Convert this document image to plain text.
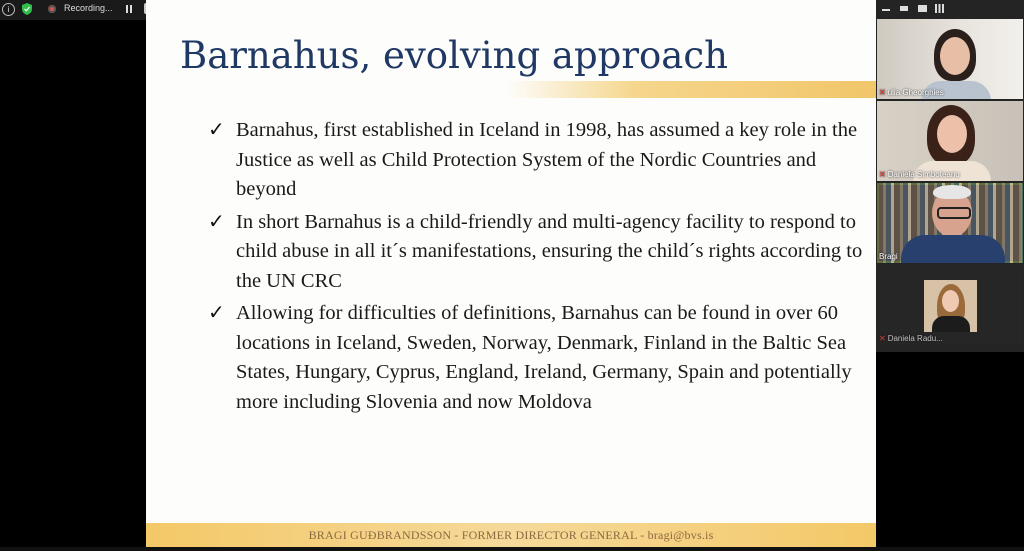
i	Recording...
Barnahus, evolving approach
✓ Barnahus, first established in Iceland in 1998, has assumed a key role in the Justice as well as Child Protection System of the Nordic Countries and beyond
✓ In short Barnahus is a child-friendly and multi-agency facility to respond to child abuse in all it´s manifestations, ensuring the child´s rights according to the UN CRC
✓ Allowing for difficulties of definitions, Barnahus can be found in over 60 locations in Iceland, Sweden, Norway, Denmark, Finland in the Baltic Sea States, Hungary, Cyprus, England, Ireland, Germany, Spain and potentially more including Slovenia and now Moldova
BRAGI GUÐBRANDSSON - FORMER DIRECTOR GENERAL - bragi@bvs.is
✕ ulia Gheorghies
✕ Daniela Simboteanu
Bragi
✕ Daniela Radu...
